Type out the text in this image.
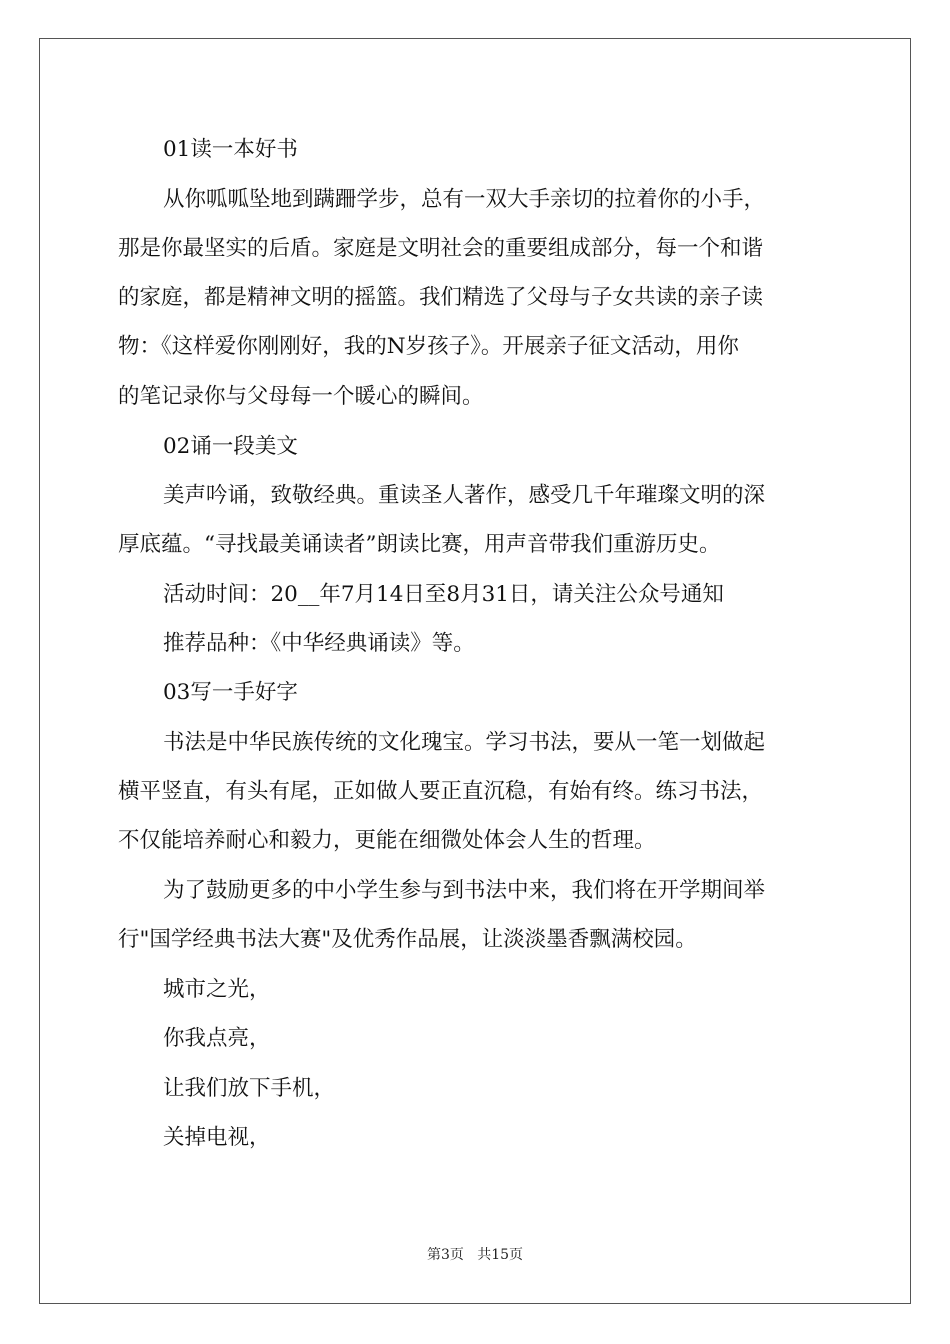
01读一本好书

从你呱呱坠地到蹒跚学步，总有一双大手亲切的拉着你的小手，

那是你最坚实的后盾。家庭是文明社会的重要组成部分，每一个和谐

的家庭，都是精神文明的摇篮。我们精选了父母与子女共读的亲子读

物：《这样爱你刚刚好，我的N岁孩子》。开展亲子征文活动，用你

的笔记录你与父母每一个暖心的瞬间。

02诵一段美文

美声吟诵，致敬经典。重读圣人著作，感受几千年璀璨文明的深

厚底蕴。“寻找最美诵读者”朗读比赛，用声音带我们重游历史。

活动时间：20__年7月14日至8月31日，请关注公众号通知

推荐品种：《中华经典诵读》等。

03写一手好字

书法是中华民族传统的文化瑰宝。学习书法，要从一笔一划做起

横平竖直，有头有尾，正如做人要正直沉稳，有始有终。练习书法，

不仅能培养耐心和毅力，更能在细微处体会人生的哲理。

为了鼓励更多的中小学生参与到书法中来，我们将在开学期间举

行"国学经典书法大赛"及优秀作品展，让淡淡墨香飘满校园。

城市之光，

你我点亮，

让我们放下手机，

关掉电视，

第3页 共15页
